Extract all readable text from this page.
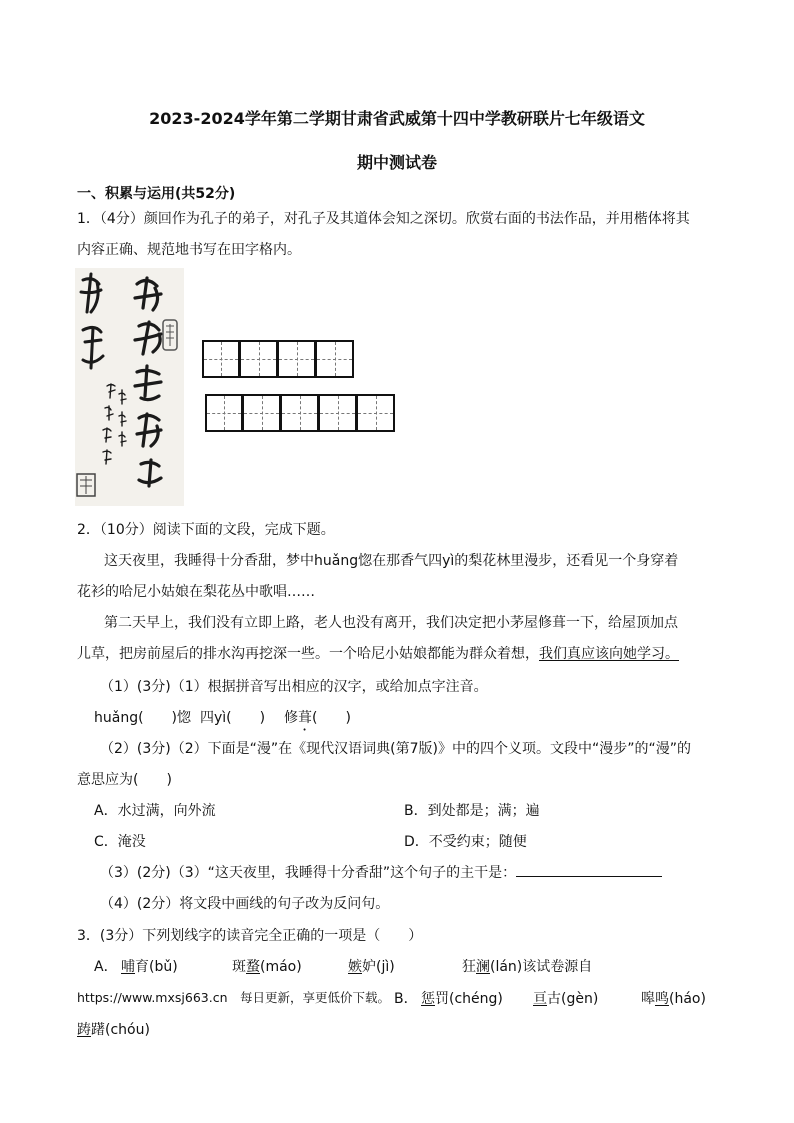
2023-2024学年第二学期甘肃省武威第十四中学教研联片七年级语文
期中测试卷
一、积累与运用(共52分)
1．（4分）颜回作为孔子的弟子，对孔子及其道体会知之深切。欣赏右面的书法作品，并用楷体将其
内容正确、规范地书写在田字格内。
2．（10分）阅读下面的文段，完成下题。
这天夜里，我睡得十分香甜，梦中huǎng惚在那香气四yì的梨花林里漫步，还看见一个身穿着
花衫的哈尼小姑娘在梨花丛中歌唱……
第二天早上，我们没有立即上路，老人也没有离开，我们决定把小茅屋修葺一下，给屋顶加点
儿草，把房前屋后的排水沟再挖深一些。一个哈尼小姑娘都能为群众着想，我们真应该向她学习。
（1）(3分)（1）根据拼音写出相应的汉字，或给加点字注音。
huǎng(　　)惚 四yì(　　) 修葺(　　)
（2）(3分)（2）下面是“漫”在《现代汉语词典(第7版)》中的四个义项。文段中“漫步”的“漫”的
意思应为(　　)
A．水过满，向外流	B．到处都是；满；遍
C．淹没	D．不受约束；随便
（3）(2分)（3）“这天夜里，我睡得十分香甜”这个句子的主干是：
（4）(2分）将文段中画线的句子改为反问句。
3．(3分）下列划线字的读音完全正确的一项是（　　）
A． 哺育(bǔ)	斑蝥(máo)	嫉妒(jì)	狂澜(lán)该试卷源自
https://www.mxsj663.cn　每日更新，享更低价下载。 B． 惩罚(chéng) 亘古(gèn)	嗥鸣(háo)
踌躇(chóu)
